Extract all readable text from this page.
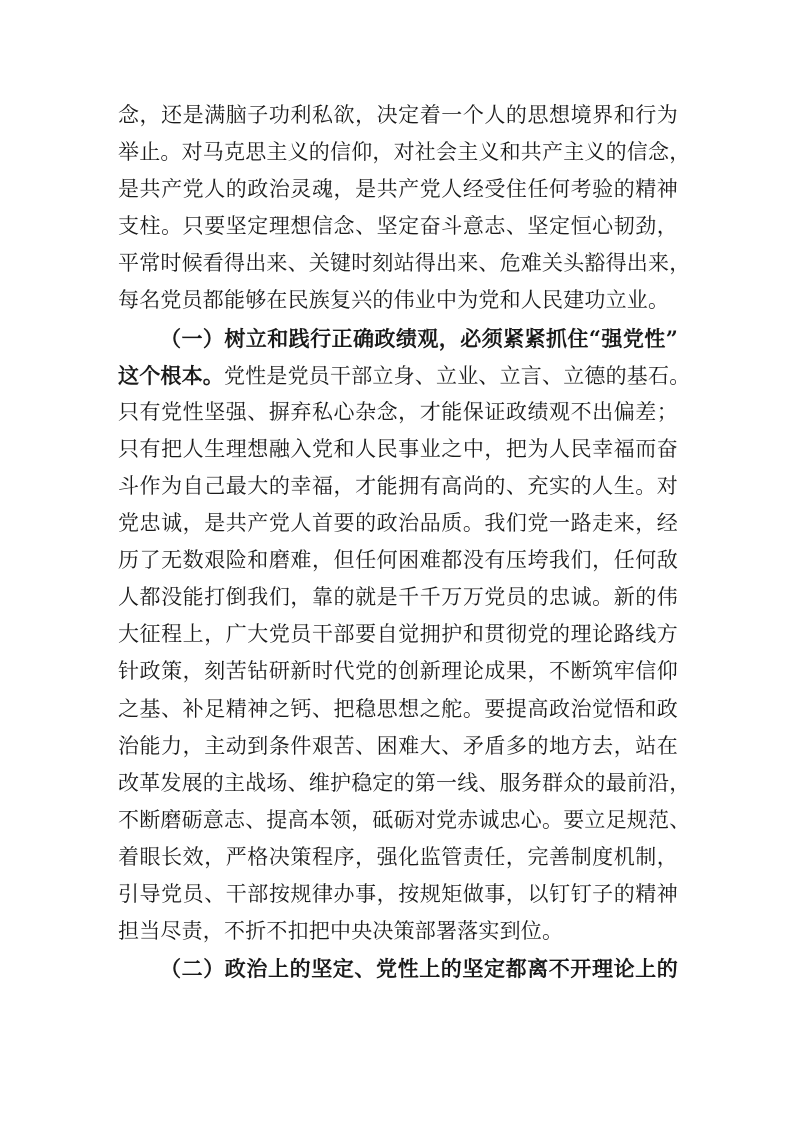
念，还是满脑子功利私欲，决定着一个人的思想境界和行为
举止。对马克思主义的信仰，对社会主义和共产主义的信念，
是共产党人的政治灵魂，是共产党人经受住任何考验的精神
支柱。只要坚定理想信念、坚定奋斗意志、坚定恒心韧劲，
平常时候看得出来、关键时刻站得出来、危难关头豁得出来，
每名党员都能够在民族复兴的伟业中为党和人民建功立业。
（一）树立和践行正确政绩观，必须紧紧抓住“强党性”
这个根本。党性是党员干部立身、立业、立言、立德的基石。
只有党性坚强、摒弃私心杂念，才能保证政绩观不出偏差；
只有把人生理想融入党和人民事业之中，把为人民幸福而奋
斗作为自己最大的幸福，才能拥有高尚的、充实的人生。对
党忠诚，是共产党人首要的政治品质。我们党一路走来，经
历了无数艰险和磨难，但任何困难都没有压垮我们，任何敌
人都没能打倒我们，靠的就是千千万万党员的忠诚。新的伟
大征程上，广大党员干部要自觉拥护和贯彻党的理论路线方
针政策，刻苦钻研新时代党的创新理论成果，不断筑牢信仰
之基、补足精神之钙、把稳思想之舵。要提高政治觉悟和政
治能力，主动到条件艰苦、困难大、矛盾多的地方去，站在
改革发展的主战场、维护稳定的第一线、服务群众的最前沿，
不断磨砺意志、提高本领，砥砺对党赤诚忠心。要立足规范、
着眼长效，严格决策程序，强化监管责任，完善制度机制，
引导党员、干部按规律办事，按规矩做事，以钉钉子的精神
担当尽责，不折不扣把中央决策部署落实到位。
（二）政治上的坚定、党性上的坚定都离不开理论上的
